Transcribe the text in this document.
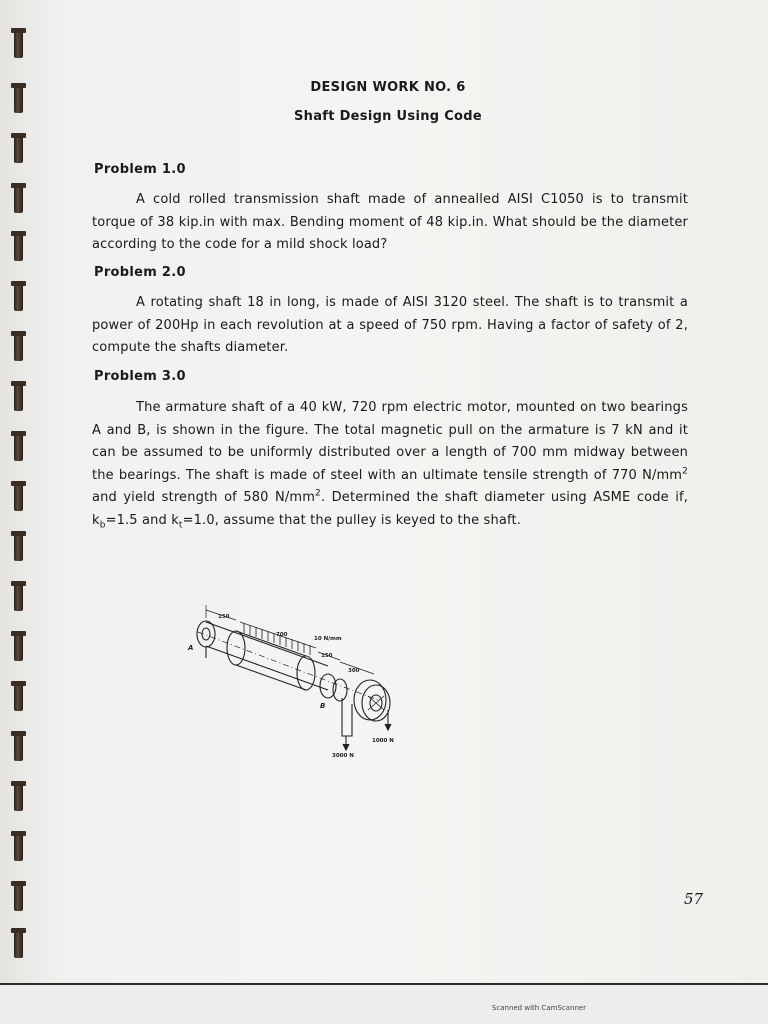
DESIGN WORK NO. 6
Shaft Design Using Code
Problem 1.0
A cold rolled transmission shaft made of annealled AISI C1050 is to transmit torque of 38 kip.in with max. Bending moment of 48 kip.in. What should be the diameter according to the code for a mild shock load?
Problem 2.0
A rotating shaft 18 in long, is made of AISI 3120 steel. The shaft is to transmit a power of 200Hp in each revolution at a speed of 750 rpm. Having a factor of safety of 2, compute the shafts diameter.
Problem 3.0
The armature shaft of a 40 kW, 720 rpm electric motor, mounted on two bearings A and B, is shown in the figure. The total magnetic pull on the armature is 7 kN and it can be assumed to be uniformly distributed over a length of 700 mm midway between the bearings. The shaft is made of steel with an ultimate tensile strength of 770 $N/mm^2$ and yield strength of 580 $N/mm^2$. Determined the shaft diameter using ASME code if, $k_b=1.5$ and $k_t=1.0$, assume that the pulley is keyed to the shaft.
150
700
10 N/mm
150
300
A
B
3000 N
1000 N
57
Scanned with CamScanner
